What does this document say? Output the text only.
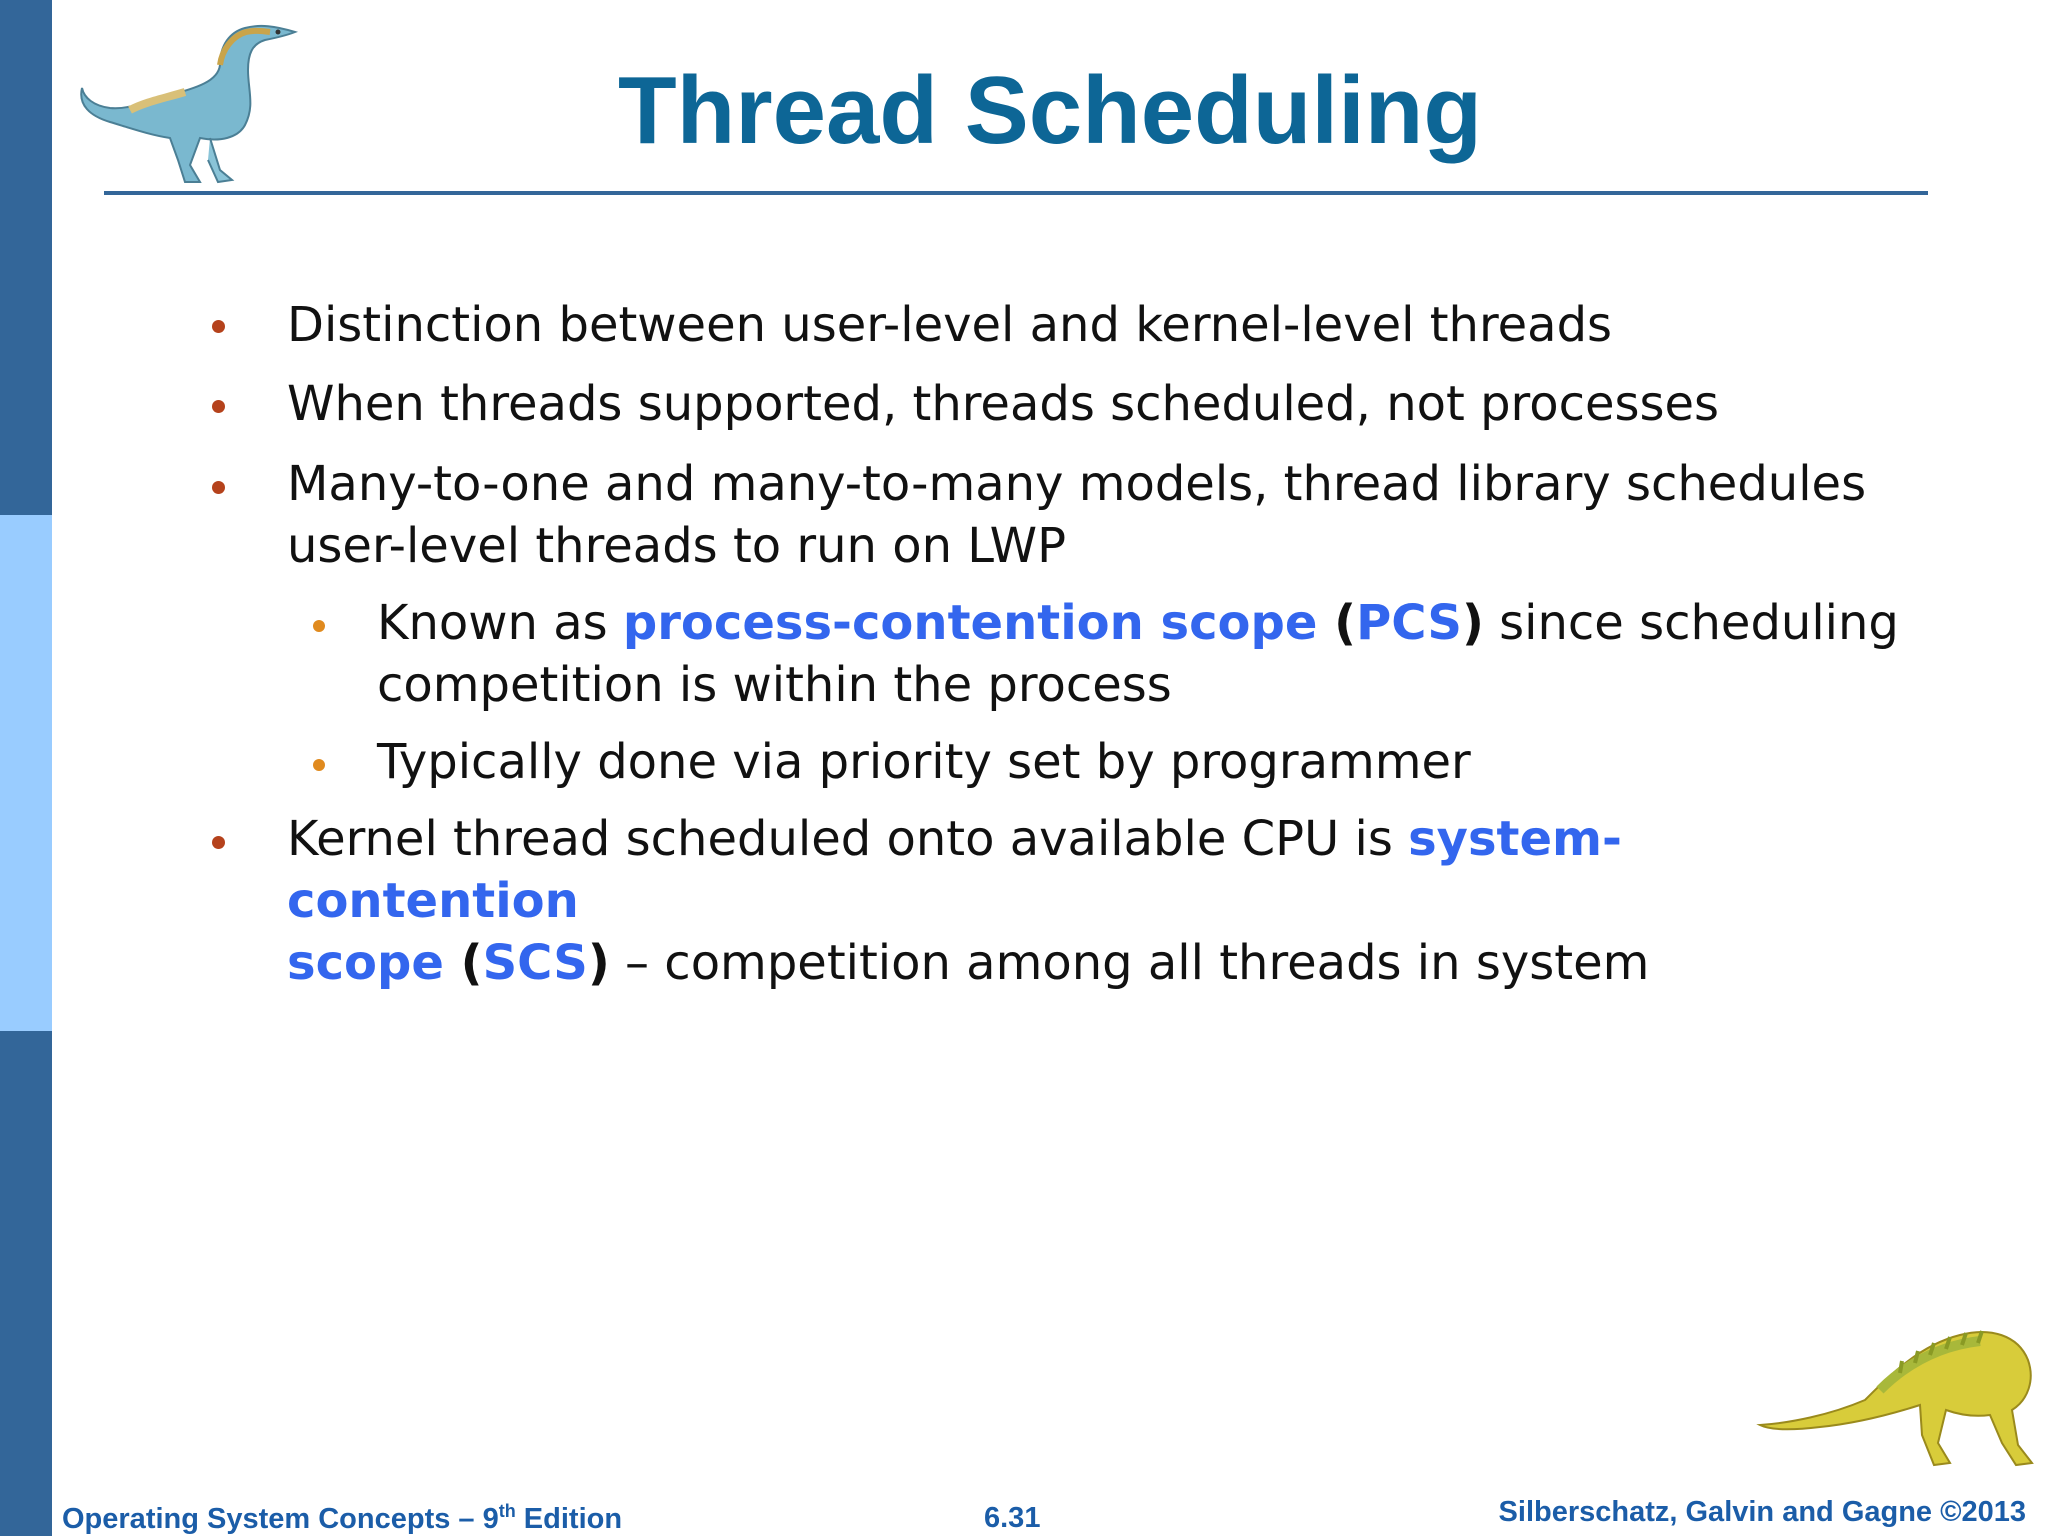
Thread Scheduling
Distinction between user-level and kernel-level threads
When threads supported, threads scheduled, not processes
Many-to-one and many-to-many models, thread library schedules
user-level threads to run on LWP
Known as process-contention scope (PCS) since scheduling
competition is within the process
Typically done via priority set by programmer
Kernel thread scheduled onto available CPU is system-contention
scope (SCS) – competition among all threads in system
Operating System Concepts – 9th Edition	6.31	Silberschatz, Galvin and Gagne ©2013
